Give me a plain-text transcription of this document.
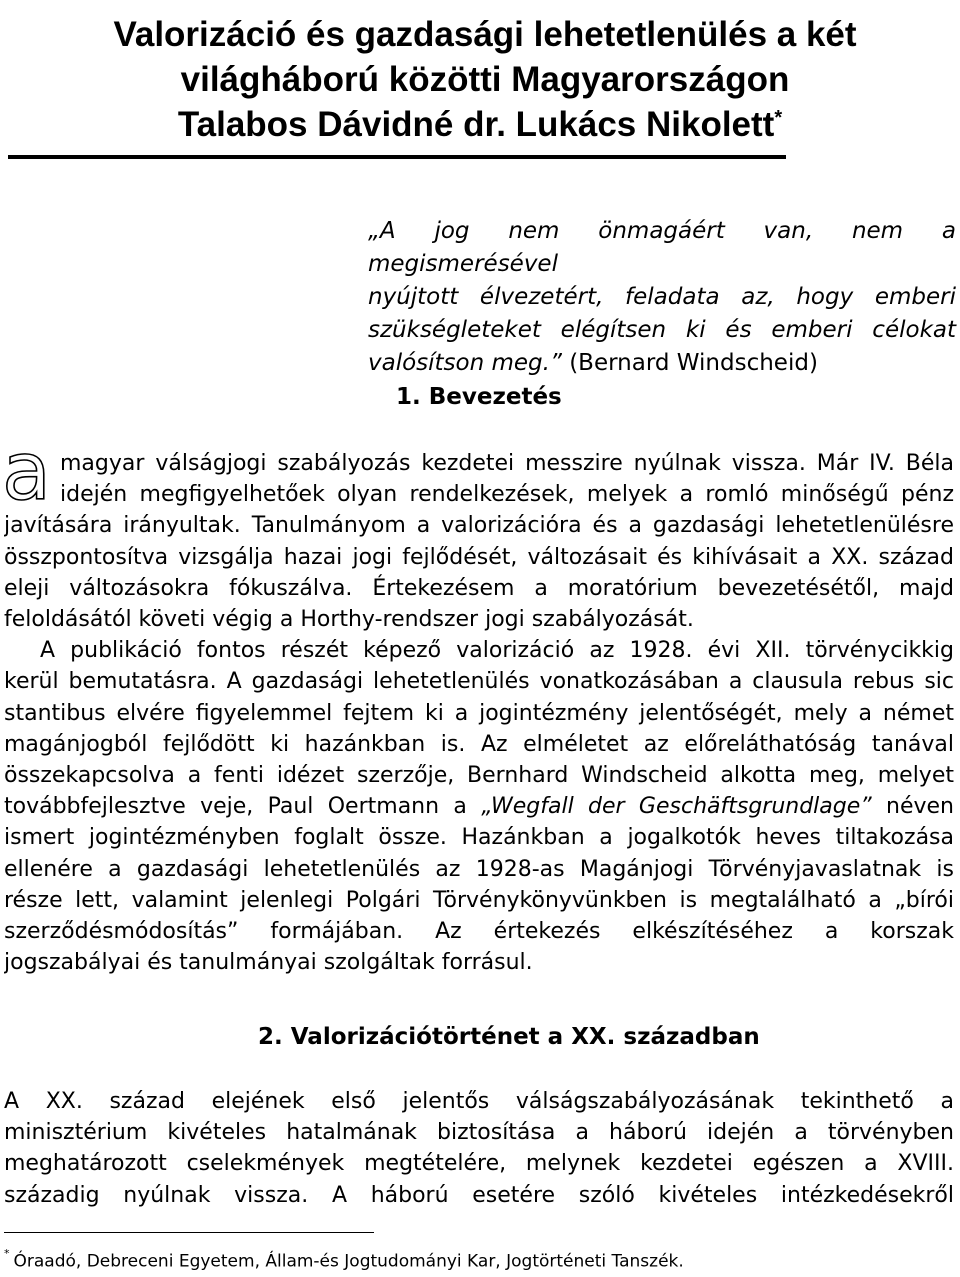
Valorizáció és gazdasági lehetetlenülés a két
világháború közötti Magyarországon
Talabos Dávidné dr. Lukács Nikolett*
„A jog nem önmagáért van, nem a megismerésével
nyújtott élvezetért, feladata az, hogy emberi
szükségleteket elégítsen ki és emberi célokat
valósítson meg.” (Bernard Windscheid)
1. Bevezetés
a magyar válságjogi szabályozás kezdetei messzire nyúlnak vissza. Már IV. Béla
idején megfigyelhetőek olyan rendelkezések, melyek a romló minőségű pénz
javítására irányultak. Tanulmányom a valorizációra és a gazdasági lehetetlenülésre
összpontosítva vizsgálja hazai jogi fejlődését, változásait és kihívásait a XX. század
eleji változásokra fókuszálva. Értekezésem a moratórium bevezetésétől, majd
feloldásától követi végig a Horthy-rendszer jogi szabályozását.
A publikáció fontos részét képező valorizáció az 1928. évi XII. törvénycikkig
kerül bemutatásra. A gazdasági lehetetlenülés vonatkozásában a clausula rebus sic
stantibus elvére figyelemmel fejtem ki a jogintézmény jelentőségét, mely a német
magánjogból fejlődött ki hazánkban is. Az elméletet az előreláthatóság tanával
összekapcsolva a fenti idézet szerzője, Bernhard Windscheid alkotta meg, melyet
továbbfejlesztve veje, Paul Oertmann a „Wegfall der Geschäftsgrundlage” néven
ismert jogintézményben foglalt össze. Hazánkban a jogalkotók heves tiltakozása
ellenére a gazdasági lehetetlenülés az 1928-as Magánjogi Törvényjavaslatnak is
része lett, valamint jelenlegi Polgári Törvénykönyvünkben is megtalálható a „bírói
szerződésmódosítás” formájában. Az értekezés elkészítéséhez a korszak
jogszabályai és tanulmányai szolgáltak forrásul.
2. Valorizációtörténet a XX. században
A XX. század elejének első jelentős válságszabályozásának tekinthető a
minisztérium kivételes hatalmának biztosítása a háború idején a törvényben
meghatározott cselekmények megtételére, melynek kezdetei egészen a XVIII.
századig nyúlnak vissza. A háború esetére szóló kivételes intézkedésekről
* Óraadó, Debreceni Egyetem, Állam-és Jogtudományi Kar, Jogtörténeti Tanszék.
